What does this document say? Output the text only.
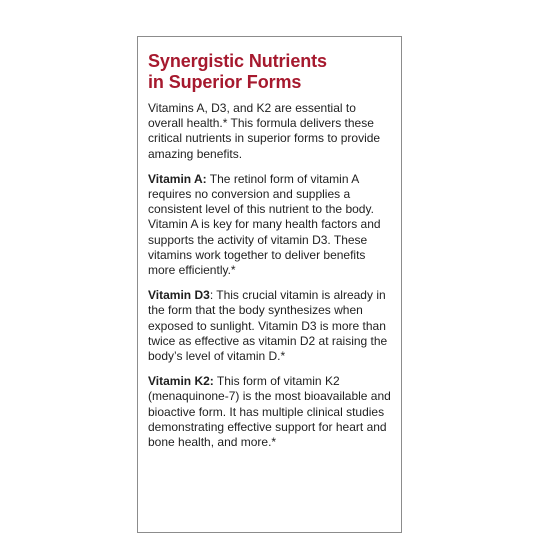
Synergistic Nutrients
in Superior Forms

Vitamins A, D3, and K2 are essential to
overall health.* This formula delivers these
critical nutrients in superior forms to provide
amazing benefits.

Vitamin A: The retinol form of vitamin A
requires no conversion and supplies a
consistent level of this nutrient to the body.
Vitamin A is key for many health factors and
supports the activity of vitamin D3. These
vitamins work together to deliver benefits
more efficiently.*

Vitamin D3: This crucial vitamin is already in
the form that the body synthesizes when
exposed to sunlight. Vitamin D3 is more than
twice as effective as vitamin D2 at raising the
body’s level of vitamin D.*

Vitamin K2: This form of vitamin K2
(menaquinone-7) is the most bioavailable and
bioactive form. It has multiple clinical studies
demonstrating effective support for heart and
bone health, and more.*
